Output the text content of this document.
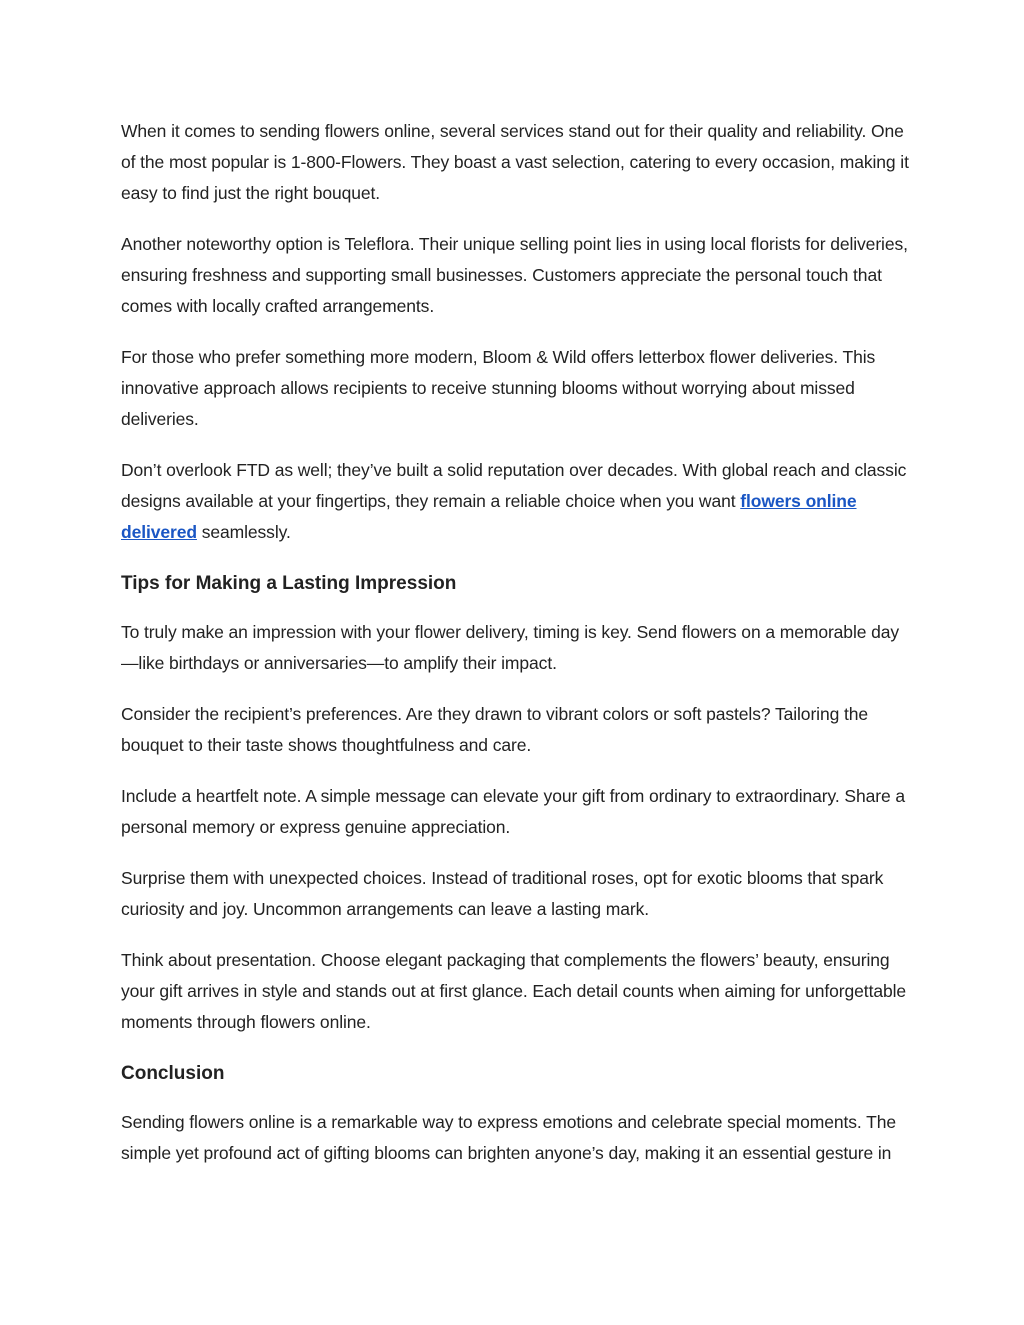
When it comes to sending flowers online, several services stand out for their quality and reliability. One of the most popular is 1-800-Flowers. They boast a vast selection, catering to every occasion, making it easy to find just the right bouquet.

Another noteworthy option is Teleflora. Their unique selling point lies in using local florists for deliveries, ensuring freshness and supporting small businesses. Customers appreciate the personal touch that comes with locally crafted arrangements.

For those who prefer something more modern, Bloom & Wild offers letterbox flower deliveries. This innovative approach allows recipients to receive stunning blooms without worrying about missed deliveries.

Don’t overlook FTD as well; they’ve built a solid reputation over decades. With global reach and classic designs available at your fingertips, they remain a reliable choice when you want flowers online delivered seamlessly.

Tips for Making a Lasting Impression

To truly make an impression with your flower delivery, timing is key. Send flowers on a memorable day—like birthdays or anniversaries—to amplify their impact.

Consider the recipient’s preferences. Are they drawn to vibrant colors or soft pastels? Tailoring the bouquet to their taste shows thoughtfulness and care.

Include a heartfelt note. A simple message can elevate your gift from ordinary to extraordinary. Share a personal memory or express genuine appreciation.

Surprise them with unexpected choices. Instead of traditional roses, opt for exotic blooms that spark curiosity and joy. Uncommon arrangements can leave a lasting mark.

Think about presentation. Choose elegant packaging that complements the flowers’ beauty, ensuring your gift arrives in style and stands out at first glance. Each detail counts when aiming for unforgettable moments through flowers online.

Conclusion

Sending flowers online is a remarkable way to express emotions and celebrate special moments. The simple yet profound act of gifting blooms can brighten anyone’s day, making it an essential gesture in
